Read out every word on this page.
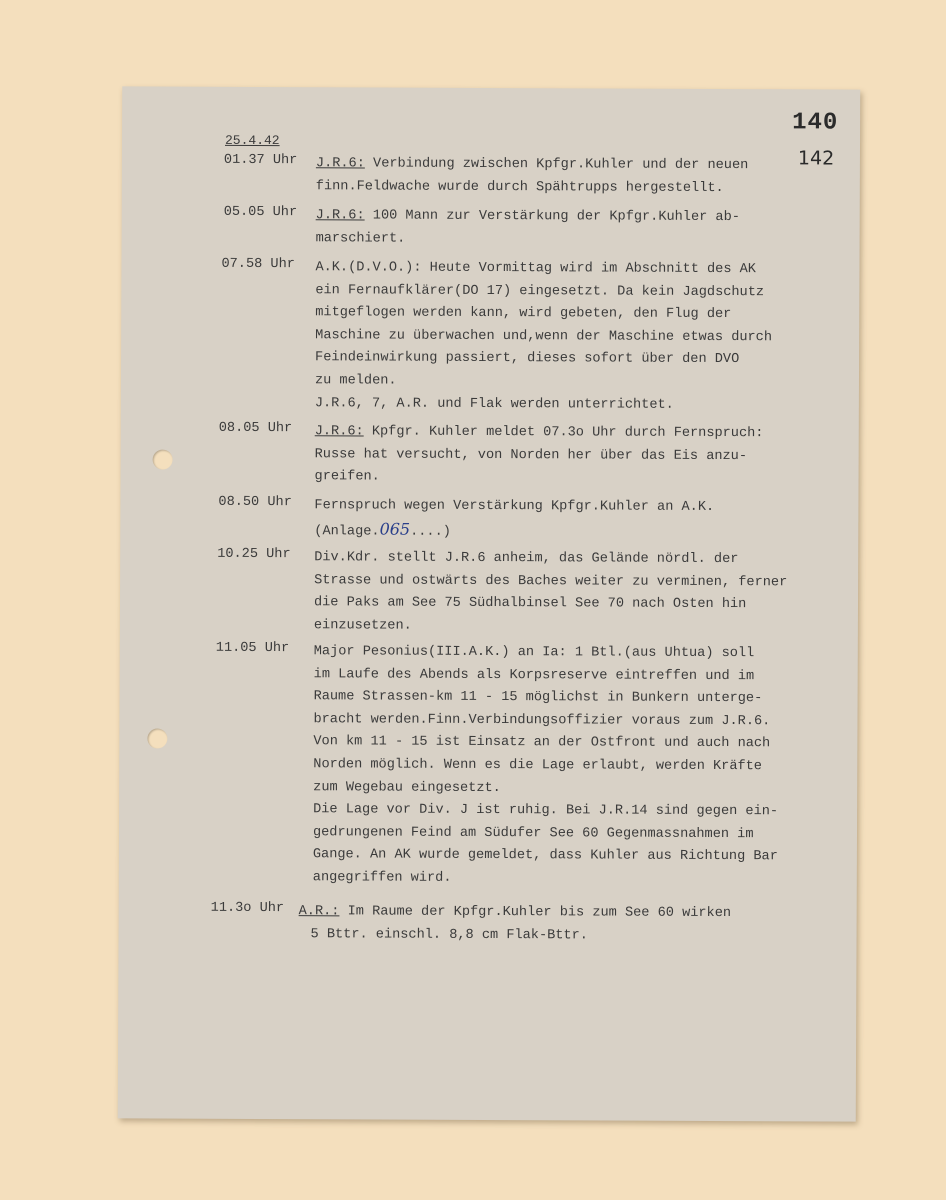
140
142
25.4.42
01.37 Uhr J.R.6: Verbindung zwischen Kpfgr.Kuhler und der neuen
finn.Feldwache wurde durch Spähtrupps hergestellt.
05.05 Uhr J.R.6: 100 Mann zur Verstärkung der Kpfgr.Kuhler ab-
marschiert.
07.58 Uhr A.K.(D.V.O.): Heute Vormittag wird im Abschnitt des AK
ein Fernaufklärer(DO 17) eingesetzt. Da kein Jagdschutz
mitgeflogen werden kann, wird gebeten, den Flug der
Maschine zu überwachen und,wenn der Maschine etwas durch
Feindeinwirkung passiert, dieses sofort über den DVO
zu melden.
J.R.6, 7, A.R. und Flak werden unterrichtet.
08.05 Uhr J.R.6: Kpfgr. Kuhler meldet 07.3o Uhr durch Fernspruch:
Russe hat versucht, von Norden her über das Eis anzu-
greifen.
08.50 Uhr Fernspruch wegen Verstärkung Kpfgr.Kuhler an A.K.
(Anlage.065....)
10.25 Uhr Div.Kdr. stellt J.R.6 anheim, das Gelände nördl. der
Strasse und ostwärts des Baches weiter zu verminen, ferner
die Paks am See 75 Südhalbinsel See 70 nach Osten hin
einzusetzen.
11.05 Uhr Major Pesonius(III.A.K.) an Ia: 1 Btl.(aus Uhtua) soll
im Laufe des Abends als Korpsreserve eintreffen und im
Raume Strassen-km 11 - 15 möglichst in Bunkern unterge-
bracht werden.Finn.Verbindungsoffizier voraus zum J.R.6.
Von km 11 - 15 ist Einsatz an der Ostfront und auch nach
Norden möglich. Wenn es die Lage erlaubt, werden Kräfte
zum Wegebau eingesetzt.
Die Lage vor Div. J ist ruhig. Bei J.R.14 sind gegen ein-
gedrungenen Feind am Südufer See 60 Gegenmassnahmen im
Gange. An AK wurde gemeldet, dass Kuhler aus Richtung Bar
angegriffen wird.
11.3o Uhr A.R.: Im Raume der Kpfgr.Kuhler bis zum See 60 wirken
5 Bttr. einschl. 8,8 cm Flak-Bttr.
